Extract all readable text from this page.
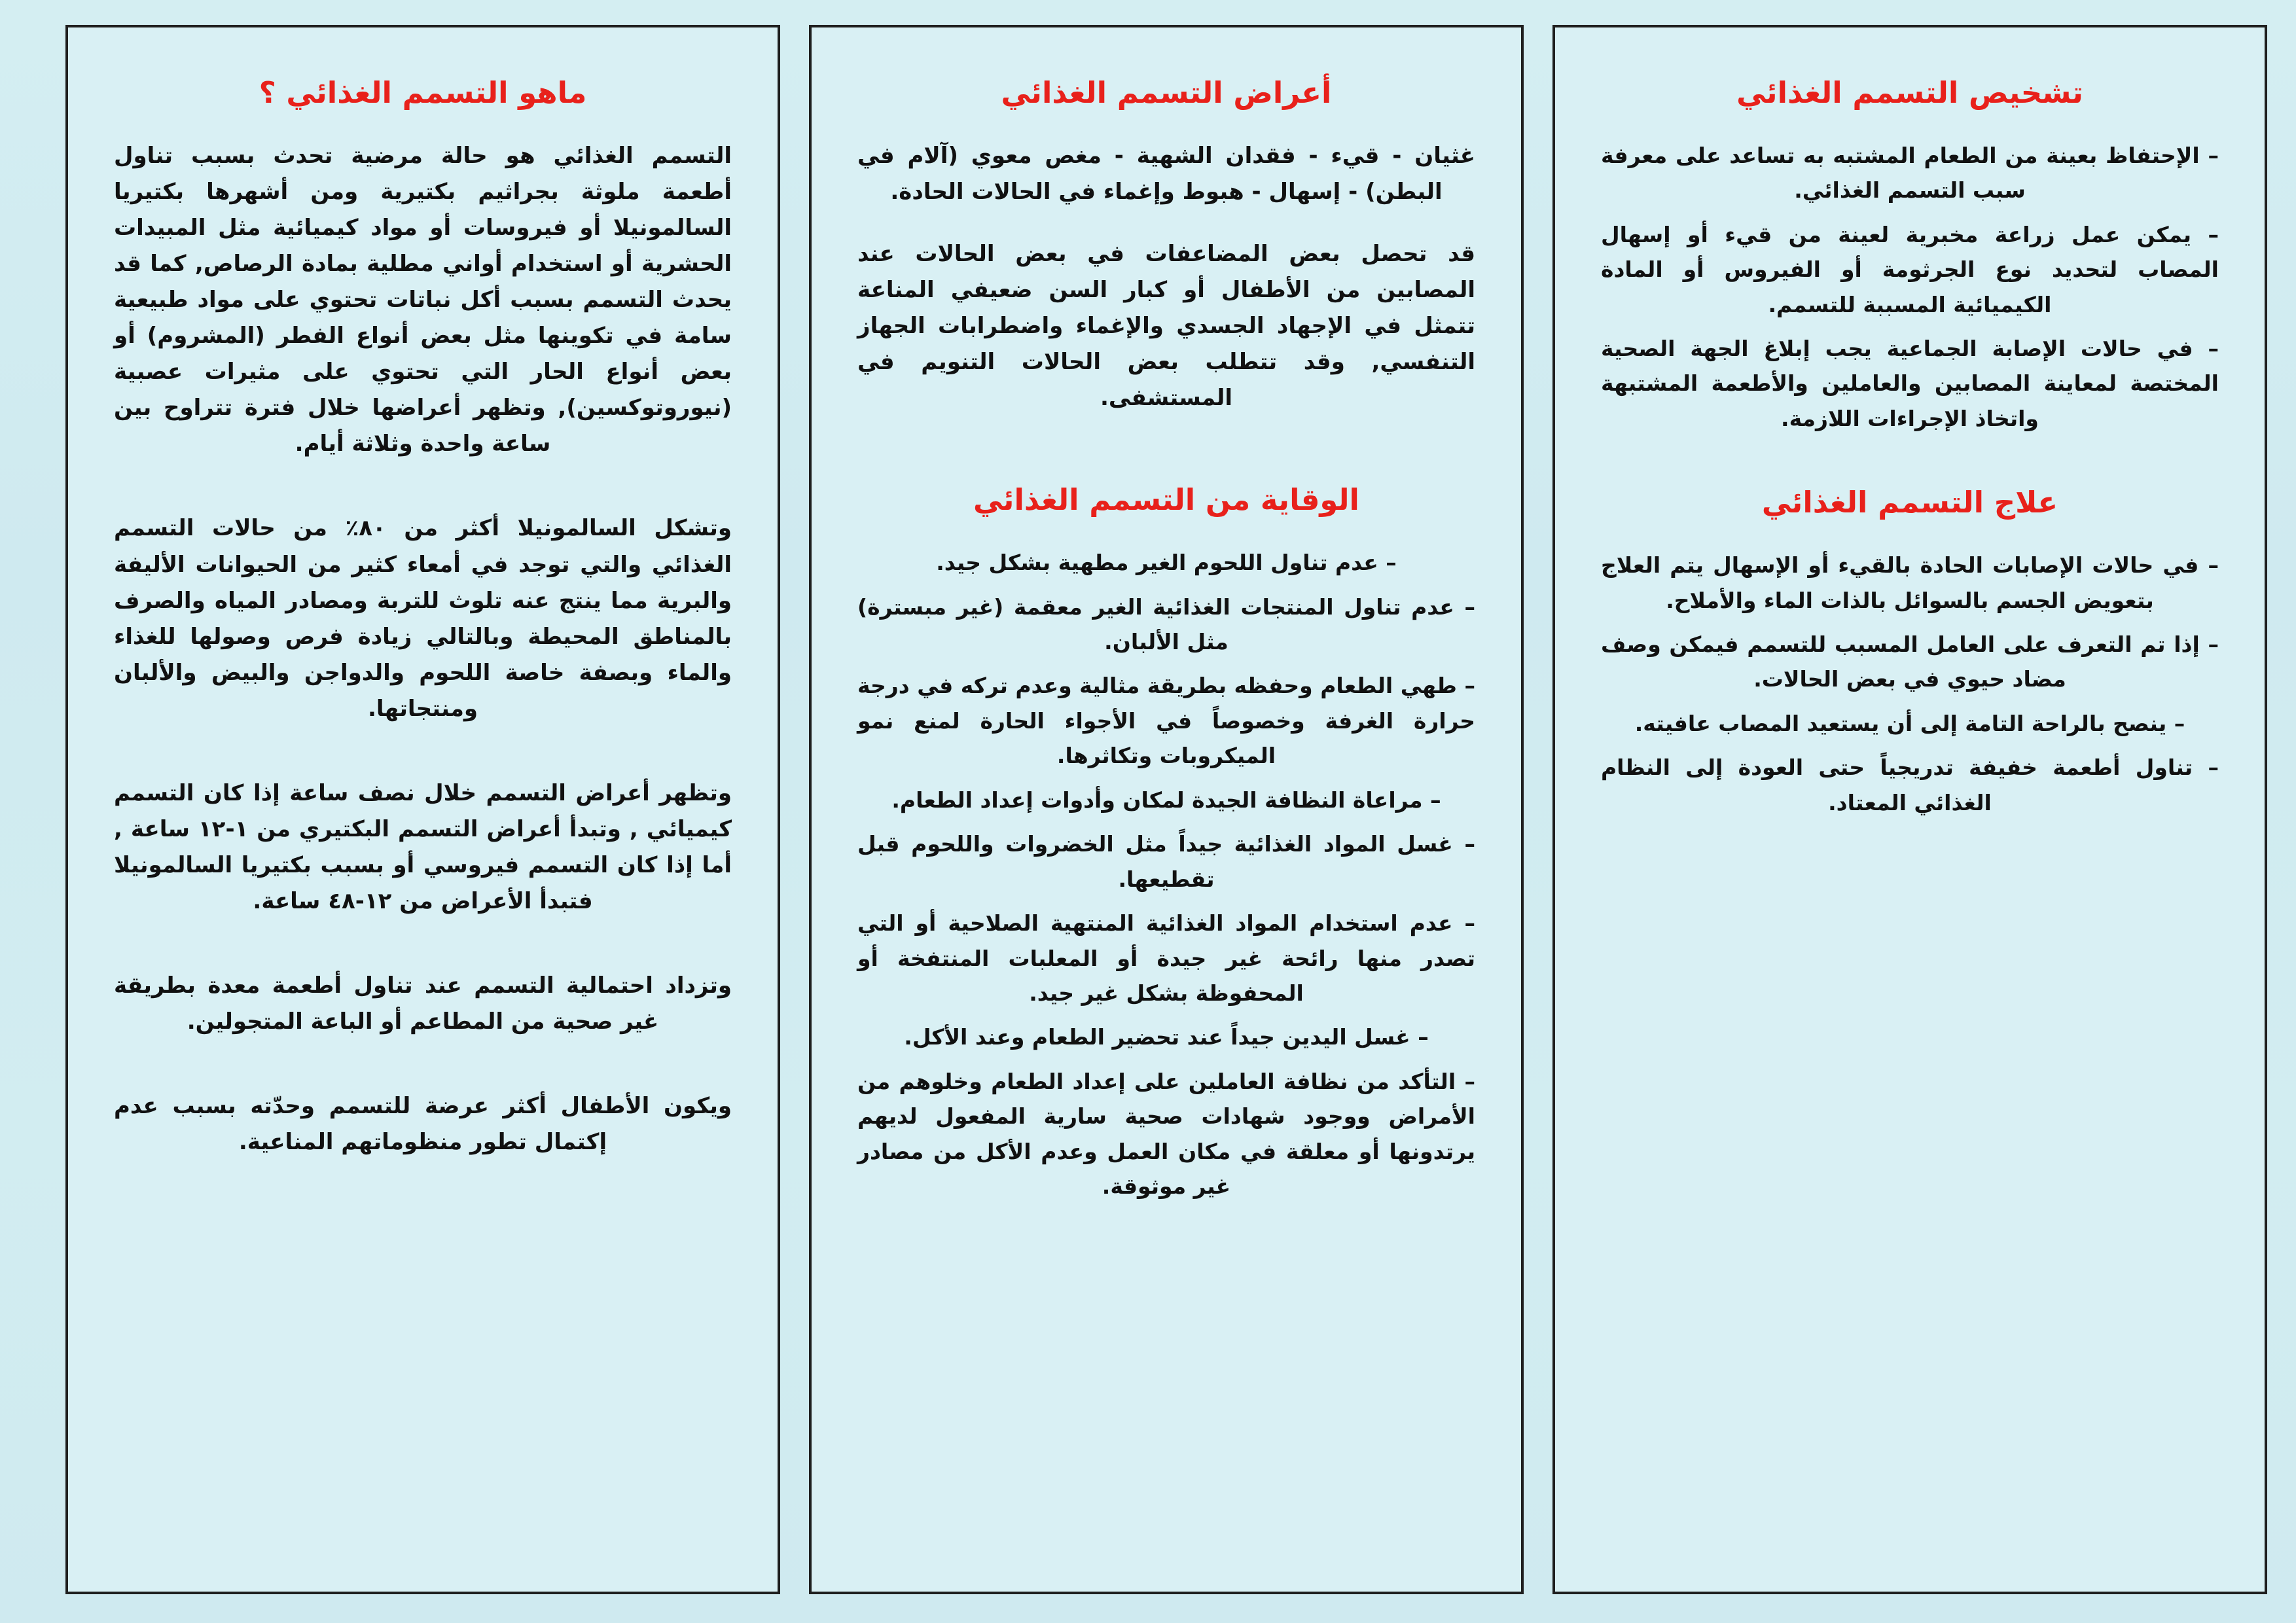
تشخيص التسمم الغذائي
– الإحتفاظ بعينة من الطعام المشتبه به تساعد على معرفة سبب التسمم الغذائي.
– يمكن عمل زراعة مخبرية لعينة من قيء أو إسهال المصاب لتحديد نوع الجرثومة أو الفيروس أو المادة الكيميائية المسببة للتسمم.
– في حالات الإصابة الجماعية يجب إبلاغ الجهة الصحية المختصة لمعاينة المصابين والعاملين والأطعمة المشتبهة واتخاذ الإجراءات اللازمة.
علاج التسمم الغذائي
– في حالات الإصابات الحادة بالقيء أو الإسهال يتم العلاج بتعويض الجسم بالسوائل بالذات الماء والأملاح.
– إذا تم التعرف على العامل المسبب للتسمم فيمكن وصف مضاد حيوي في بعض الحالات.
– ينصح بالراحة التامة إلى أن يستعيد المصاب عافيته.
– تناول أطعمة خفيفة تدريجياً حتى العودة إلى النظام الغذائي المعتاد.
أعراض التسمم الغذائي

غثيان - قيء - فقدان الشهية - مغص معوي (آلام في البطن) - إسهال - هبوط وإغماء في الحالات الحادة.

قد تحصل بعض المضاعفات في بعض الحالات عند المصابين من الأطفال أو كبار السن ضعيفي المناعة تتمثل في الإجهاد الجسدي والإغماء واضطرابات الجهاز التنفسي, وقد تتطلب بعض الحالات التنويم في المستشفى.

الوقاية من التسمم الغذائي
– عدم تناول اللحوم الغير مطهية بشكل جيد.
– عدم تناول المنتجات الغذائية الغير معقمة (غير مبسترة) مثل الألبان.
– طهي الطعام وحفظه بطريقة مثالية وعدم تركه في درجة حرارة الغرفة وخصوصاً في الأجواء الحارة لمنع نمو الميكروبات وتكاثرها.
– مراعاة النظافة الجيدة لمكان وأدوات إعداد الطعام.
– غسل المواد الغذائية جيداً مثل الخضروات واللحوم قبل تقطيعها.
– عدم استخدام المواد الغذائية المنتهية الصلاحية أو التي تصدر منها رائحة غير جيدة أو المعلبات المنتفخة أو المحفوظة بشكل غير جيد.
– غسل اليدين جيداً عند تحضير الطعام وعند الأكل.
– التأكد من نظافة العاملين على إعداد الطعام وخلوهم من الأمراض ووجود شهادات صحية سارية المفعول لديهم يرتدونها أو معلقة في مكان العمل وعدم الأكل من مصادر غير موثوقة.
ماهو التسمم الغذائي ؟

التسمم الغذائي هو حالة مرضية تحدث بسبب تناول أطعمة ملوثة بجراثيم بكتيرية ومن أشهرها بكتيريا السالمونيلا أو فيروسات أو مواد كيميائية مثل المبيدات الحشرية أو استخدام أواني مطلية بمادة الرصاص, كما قد يحدث التسمم بسبب أكل نباتات تحتوي على مواد طبيعية سامة في تكوينها مثل بعض أنواع الفطر (المشروم) أو بعض أنواع الحار التي تحتوي على مثيرات عصبية (نيوروتوكسين), وتظهر أعراضها خلال فترة تتراوح بين ساعة واحدة وثلاثة أيام.

وتشكل السالمونيلا أكثر من ٨٠٪ من حالات التسمم الغذائي والتي توجد في أمعاء كثير من الحيوانات الأليفة والبرية مما ينتج عنه تلوث للتربة ومصادر المياه والصرف بالمناطق المحيطة وبالتالي زيادة فرص وصولها للغذاء والماء وبصفة خاصة اللحوم والدواجن والبيض والألبان ومنتجاتها.

وتظهر أعراض التسمم خلال نصف ساعة إذا كان التسمم كيميائي , وتبدأ أعراض التسمم البكتيري من ١-١٢ ساعة , أما إذا كان التسمم فيروسي أو بسبب بكتيريا السالمونيلا فتبدأ الأعراض من ١٢-٤٨ ساعة.

وتزداد احتمالية التسمم عند تناول أطعمة معدة بطريقة غير صحية من المطاعم أو الباعة المتجولين.

ويكون الأطفال أكثر عرضة للتسمم وحدّته بسبب عدم إكتمال تطور منظوماتهم المناعية.
